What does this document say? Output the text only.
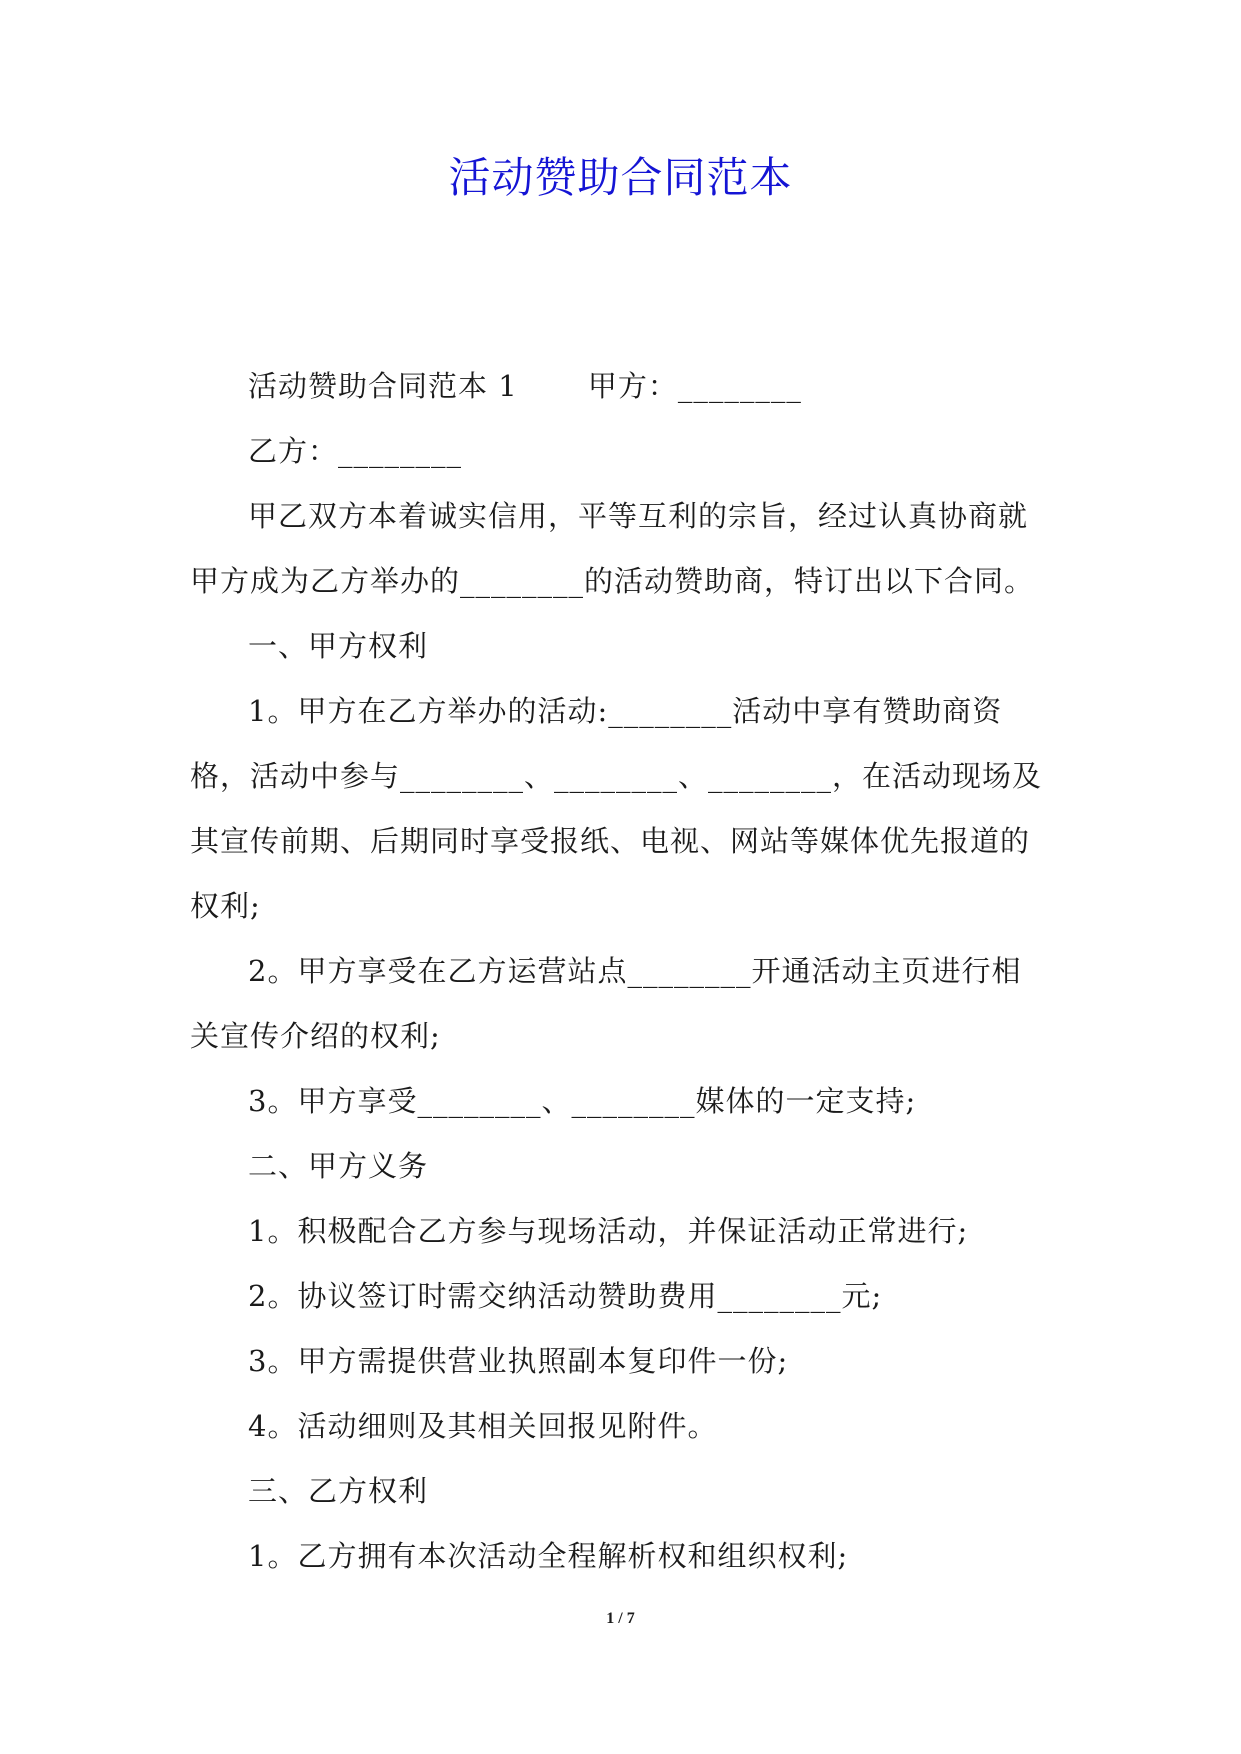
活动赞助合同范本

活动赞助合同范本 1　　 甲方：________

乙方：________

甲乙双方本着诚实信用，平等互利的宗旨，经过认真协商就甲方成为乙方举办的________的活动赞助商，特订出以下合同。

一、甲方权利

1。甲方在乙方举办的活动:________活动中享有赞助商资格，活动中参与________、________、________，在活动现场及其宣传前期、后期同时享受报纸、电视、网站等媒体优先报道的权利;

2。甲方享受在乙方运营站点________开通活动主页进行相关宣传介绍的权利;

3。甲方享受________、________媒体的一定支持;

二、甲方义务

1。积极配合乙方参与现场活动，并保证活动正常进行;

2。协议签订时需交纳活动赞助费用________元;

3。甲方需提供营业执照副本复印件一份;

4。活动细则及其相关回报见附件。

三、乙方权利

1。乙方拥有本次活动全程解析权和组织权利;

1 / 7
